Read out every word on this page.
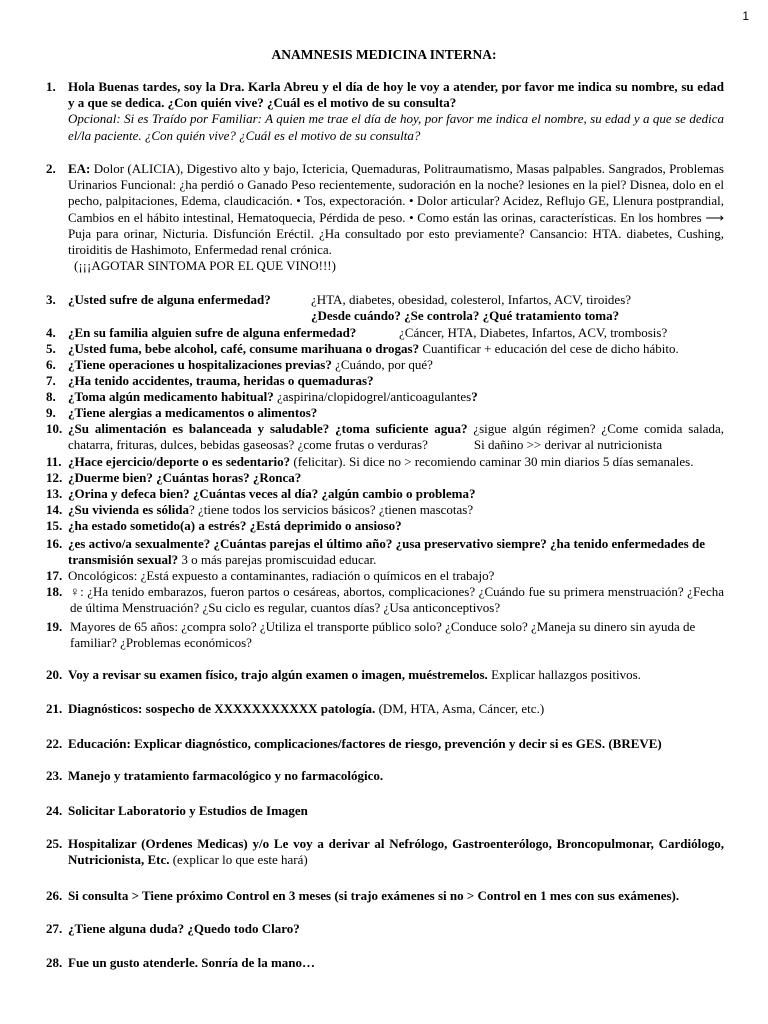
1
ANAMNESIS MEDICINA INTERNA:
1. Hola Buenas tardes, soy la Dra. Karla Abreu y el día de hoy le voy a atender, por favor me indica su nombre, su edad y a que se dedica. ¿Con quién vive? ¿Cuál es el motivo de su consulta?

Opcional: Si es Traído por Familiar: A quien me trae el día de hoy, por favor me indica el nombre, su edad y a que se dedica el/la paciente. ¿Con quién vive? ¿Cuál es el motivo de su consulta?

2. EA: Dolor (ALICIA), Digestivo alto y bajo, Ictericia, Quemaduras, Politraumatismo, Masas palpables. Sangrados, Problemas Urinarios Funcional: ¿ha perdió o Ganado Peso recientemente, sudoración en la noche? lesiones en la piel? Disnea, dolo en el pecho, palpitaciones, Edema, claudicación. • Tos, expectoración. • Dolor articular? Acidez, Reflujo GE, Llenura postprandial, Cambios en el hábito intestinal, Hematoquecia, Pérdida de peso. • Como están las orinas, características. En los hombres ⟶ Puja para orinar, Nicturia. Disfunción Eréctil. ¿Ha consultado por esto previamente? Cansancio: HTA. diabetes, Cushing, tiroiditis de Hashimoto, Enfermedad renal crónica.

(¡¡¡AGOTAR SINTOMA POR EL QUE VINO!!!)

3. ¿Usted sufre de alguna enfermedad?	¿HTA, diabetes, obesidad, colesterol, Infartos, ACV, tiroides?

¿Desde cuándo? ¿Se controla? ¿Qué tratamiento toma?

4. ¿En su familia alguien sufre de alguna enfermedad?	¿Cáncer, HTA, Diabetes, Infartos, ACV, trombosis?
5. ¿Usted fuma, bebe alcohol, café, consume marihuana o drogas? Cuantificar + educación del cese de dicho hábito.
6. ¿Tiene operaciones u hospitalizaciones previas? ¿Cuándo, por qué?
7. ¿Ha tenido accidentes, trauma, heridas o quemaduras?
8. ¿Toma algún medicamento habitual? ¿aspirina/clopidogrel/anticoagulantes?
9. ¿Tiene alergias a medicamentos o alimentos?
10. ¿Su alimentación es balanceada y saludable? ¿toma suficiente agua? ¿sigue algún régimen? ¿Come comida salada, chatarra, frituras, dulces, bebidas gaseosas? ¿come frutas o verduras?	Si dañino >> derivar al nutricionista
11. ¿Hace ejercicio/deporte o es sedentario? (felicitar). Si dice no > recomiendo caminar 30 min diarios 5 días semanales.
12. ¿Duerme bien? ¿Cuántas horas? ¿Ronca?
13. ¿Orina y defeca bien? ¿Cuántas veces al día? ¿algún cambio o problema?
14. ¿Su vivienda es sólida? ¿tiene todos los servicios básicos? ¿tienen mascotas?
15. ¿ha estado sometido(a) a estrés? ¿Está deprimido o ansioso?
16. ¿es activo/a sexualmente? ¿Cuántas parejas el último año? ¿usa preservativo siempre? ¿ha tenido enfermedades de transmisión sexual? 3 o más parejas promiscuidad educar.
17. Oncológicos: ¿Está expuesto a contaminantes, radiación o químicos en el trabajo?
18. ♀: ¿Ha tenido embarazos, fueron partos o cesáreas, abortos, complicaciones? ¿Cuándo fue su primera menstruación? ¿Fecha de última Menstruación? ¿Su ciclo es regular, cuantos días? ¿Usa anticonceptivos?
19. Mayores de 65 años: ¿compra solo? ¿Utiliza el transporte público solo? ¿Conduce solo? ¿Maneja su dinero sin ayuda de familiar? ¿Problemas económicos?
20. Voy a revisar su examen físico, trajo algún examen o imagen, muéstremelos. Explicar hallazgos positivos.
21. Diagnósticos: sospecho de XXXXXXXXXXX patología. (DM, HTA, Asma, Cáncer, etc.)
22. Educación: Explicar diagnóstico, complicaciones/factores de riesgo, prevención y decir si es GES. (BREVE)
23. Manejo y tratamiento farmacológico y no farmacológico.
24. Solicitar Laboratorio y Estudios de Imagen
25. Hospitalizar (Ordenes Medicas) y/o Le voy a derivar al Nefrólogo, Gastroenterólogo, Broncopulmonar, Cardiólogo, Nutricionista, Etc. (explicar lo que este hará)
26. Si consulta > Tiene próximo Control en 3 meses (si trajo exámenes si no > Control en 1 mes con sus exámenes).
27. ¿Tiene alguna duda? ¿Quedo todo Claro?
28. Fue un gusto atenderle. Sonría de la mano…
